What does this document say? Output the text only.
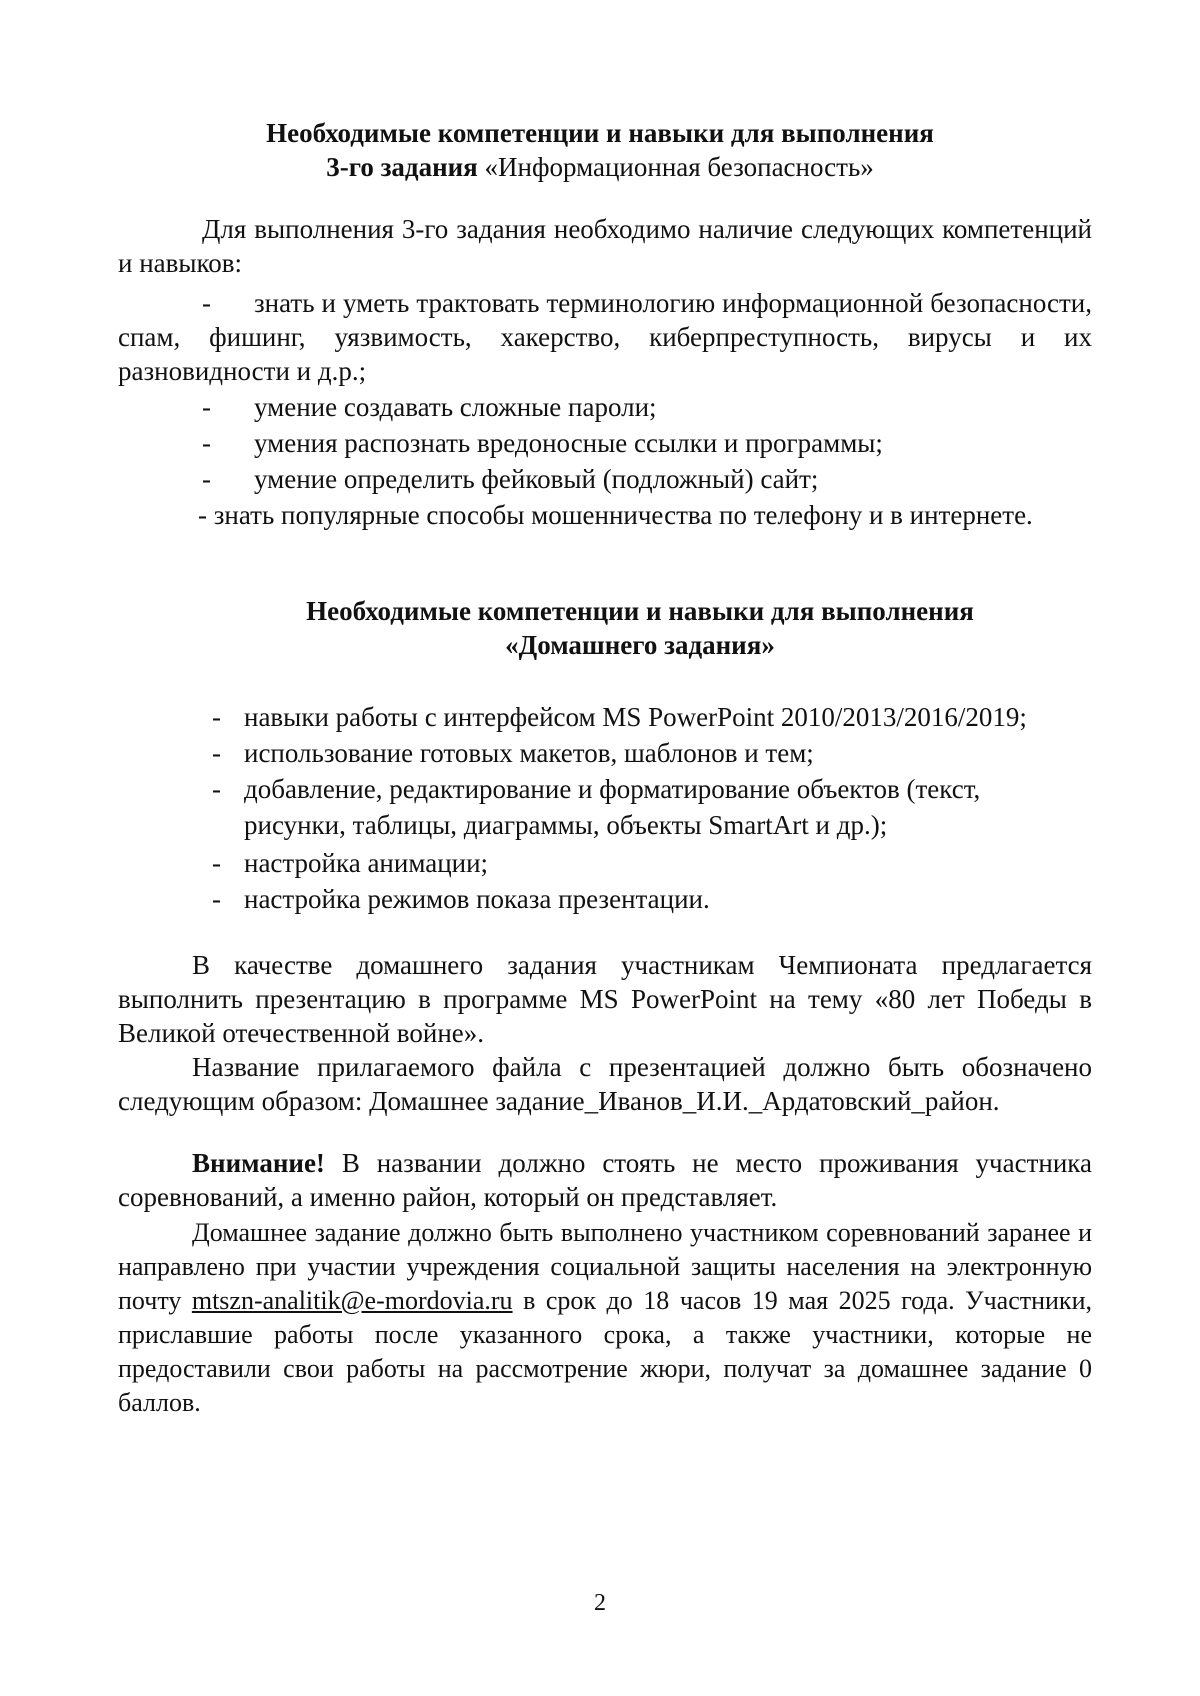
Необходимые компетенции и навыки для выполнения
3-го задания «Информационная безопасность»
Для выполнения 3-го задания необходимо наличие следующих компетенций и навыков:
-	знать и уметь трактовать терминологию информационной безопасности, спам, фишинг, уязвимость, хакерство, киберпреступность, вирусы и их разновидности и д.р.;
- умение создавать сложные пароли;
- умения распознать вредоносные ссылки и программы;
- умение определить фейковый (подложный) сайт;
- знать популярные способы мошенничества по телефону и в интернете.
Необходимые компетенции и навыки для выполнения
«Домашнего задания»
- навыки работы с интерфейсом MS PowerPoint 2010/2013/2016/2019;
- использование готовых макетов, шаблонов и тем;
- добавление, редактирование и форматирование объектов (текст,
рисунки, таблицы, диаграммы, объекты SmartArt и др.);
- настройка анимации;
- настройка режимов показа презентации.
В качестве домашнего задания участникам Чемпионата предлагается выполнить презентацию в программе MS PowerPoint на тему «80 лет Победы в Великой отечественной войне».
Название прилагаемого файла с презентацией должно быть обозначено следующим образом: Домашнее задание_Иванов_И.И._Ардатовский_район.
Внимание! В названии должно стоять не место проживания участника соревнований, а именно район, который он представляет.
Домашнее задание должно быть выполнено участником соревнований заранее и направлено при участии учреждения социальной защиты населения на электронную почту mtszn-analitik@e-mordovia.ru в срок до 18 часов 19 мая 2025 года. Участники, приславшие работы после указанного срока, а также участники, которые не предоставили свои работы на рассмотрение жюри, получат за домашнее задание 0 баллов.
2
